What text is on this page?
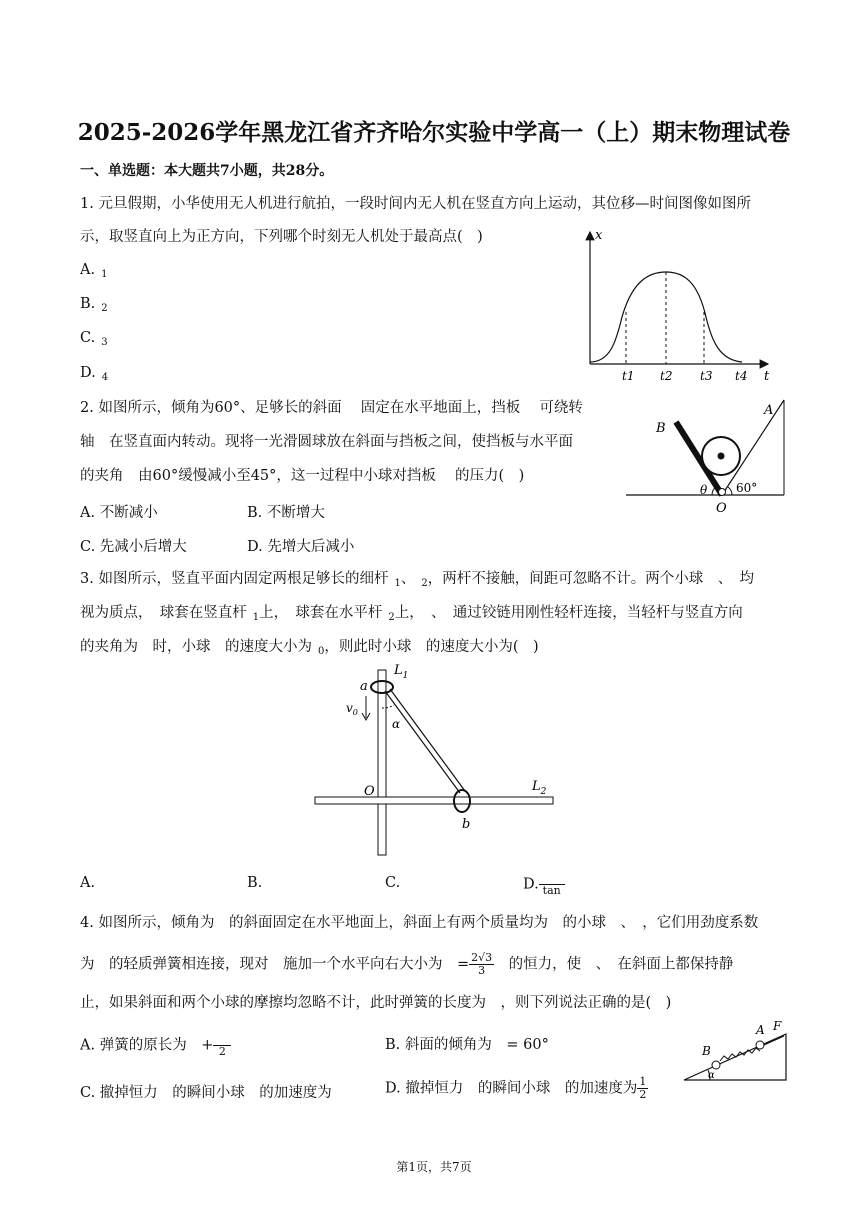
2025-2026学年黑龙江省齐齐哈尔实验中学高一（上）期末物理试卷
一、单选题：本大题共7小题，共28分。
1. 元旦假期，小华使用无人机进行航拍，一段时间内无人机在竖直方向上运动，其位移—时间图像如图所
示，取竖直向上为正方向，下列哪个时刻无人机处于最高点(　)
A. $_1$
B. $_2$
C. $_3$
D. $_4$
x
t
t1 t2 t3 t4
2. 如图所示，倾角为60°、足够长的斜面　 固定在水平地面上，挡板　 可绕转
轴　在竖直面内转动。现将一光滑圆球放在斜面与挡板之间，使挡板与水平面
的夹角　由60°缓慢减小至45°，这一过程中小球对挡板　 的压力(　)
A. 不断减小	B. 不断增大
C. 先减小后增大	D. 先增大后减小
A
B
O
θ 60°
3. 如图所示，竖直平面内固定两根足够长的细杆 $_1$、 $_2$，两杆不接触，间距可忽略不计。两个小球　、　均
视为质点，　球套在竖直杆 $_1$上，　球套在水平杆 $_2$上，　、　通过铰链用刚性轻杆连接，当轻杆与竖直方向
的夹角为　时，小球　的速度大小为 $_0$，则此时小球　的速度大小为(　)
$L_1$
$L_2$
a
b
O
α
$v_0$
A.	B.	C.	D.
tan
4. 如图所示，倾角为　的斜面固定在水平地面上，斜面上有两个质量均为　的小球　、　，它们用劲度系数
为　的轻质弹簧相连接，现对　施加一个水平向右大小为　= $\frac{2√3}{3}$ 　的恒力，使　、　在斜面上都保持静
止，如果斜面和两个小球的摩擦均忽略不计，此时弹簧的长度为　，则下列说法正确的是(　)
A. 弹簧的原长为　+
2	B. 斜面的倾角为　= 60°
C. 撤掉恒力　的瞬间小球　的加速度为	D. 撤掉恒力　的瞬间小球　的加速度为 $\frac{1}{2}$
B
A F
α
第1页，共7页
